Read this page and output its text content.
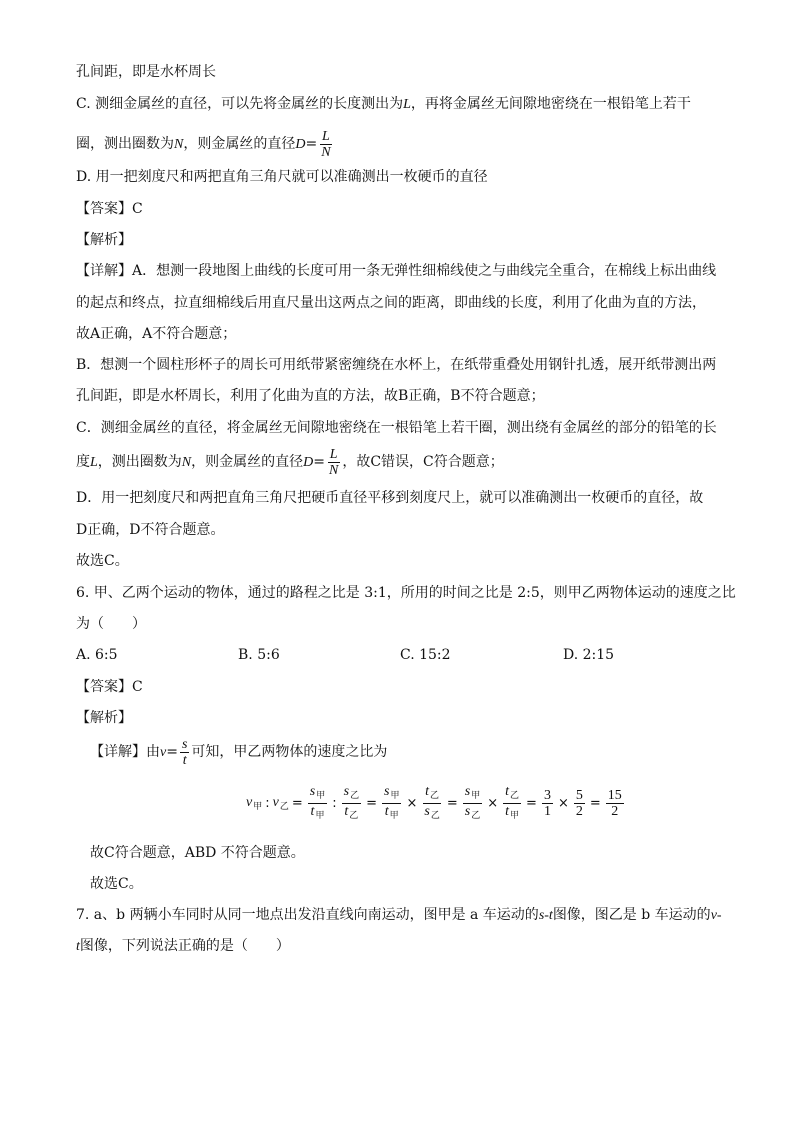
孔间距，即是水杯周长
C. 测细金属丝的直径，可以先将金属丝的长度测出为L，再将金属丝无间隙地密绕在一根铅笔上若干
圈，测出圈数为N，则金属丝的直径$D= \frac{L}{N}$
D. 用一把刻度尺和两把直角三角尺就可以准确测出一枚硬币的直径
【答案】C
【解析】
【详解】A．想测一段地图上曲线的长度可用一条无弹性细棉线使之与曲线完全重合，在棉线上标出曲线
的起点和终点，拉直细棉线后用直尺量出这两点之间的距离，即曲线的长度，利用了化曲为直的方法，
故A正确，A不符合题意；
B．想测一个圆柱形杯子的周长可用纸带紧密缠绕在水杯上，在纸带重叠处用钢针扎透，展开纸带测出两
孔间距，即是水杯周长，利用了化曲为直的方法，故B正确，B不符合题意；
C．测细金属丝的直径，将金属丝无间隙地密绕在一根铅笔上若干圈，测出绕有金属丝的部分的铅笔的长
度L，测出圈数为N，则金属丝的直径$D= \frac{L}{N}$ ，故C错误，C符合题意；
D．用一把刻度尺和两把直角三角尺把硬币直径平移到刻度尺上，就可以准确测出一枚硬币的直径，故
D正确，D不符合题意。
故选C。
6. 甲、乙两个运动的物体，通过的路程之比是 3:1，所用的时间之比是 2:5，则甲乙两物体运动的速度之比
为（　　）
A. 6:5	B. 5:6	C. 15:2	D. 2:15
【答案】C
【解析】
【详解】由$v= \frac{s}{t}$ 可知，甲乙两物体的速度之比为
$v_甲$ : $v_乙 = \frac{s_甲}{t_甲}$ : $\frac{s_乙}{t_乙} = \frac{s_甲}{t_甲} \times \frac{t_乙}{s_乙} = \frac{s_甲}{s_乙} \times \frac{t_乙}{t_甲} = \frac{3}{1} \times \frac{5}{2} = \frac{15}{2}$
故C符合题意，ABD 不符合题意。
故选C。
7. a、b 两辆小车同时从同一地点出发沿直线向南运动，图甲是 a 车运动的s-t图像，图乙是 b 车运动的v-
t图像，下列说法正确的是（　　）
